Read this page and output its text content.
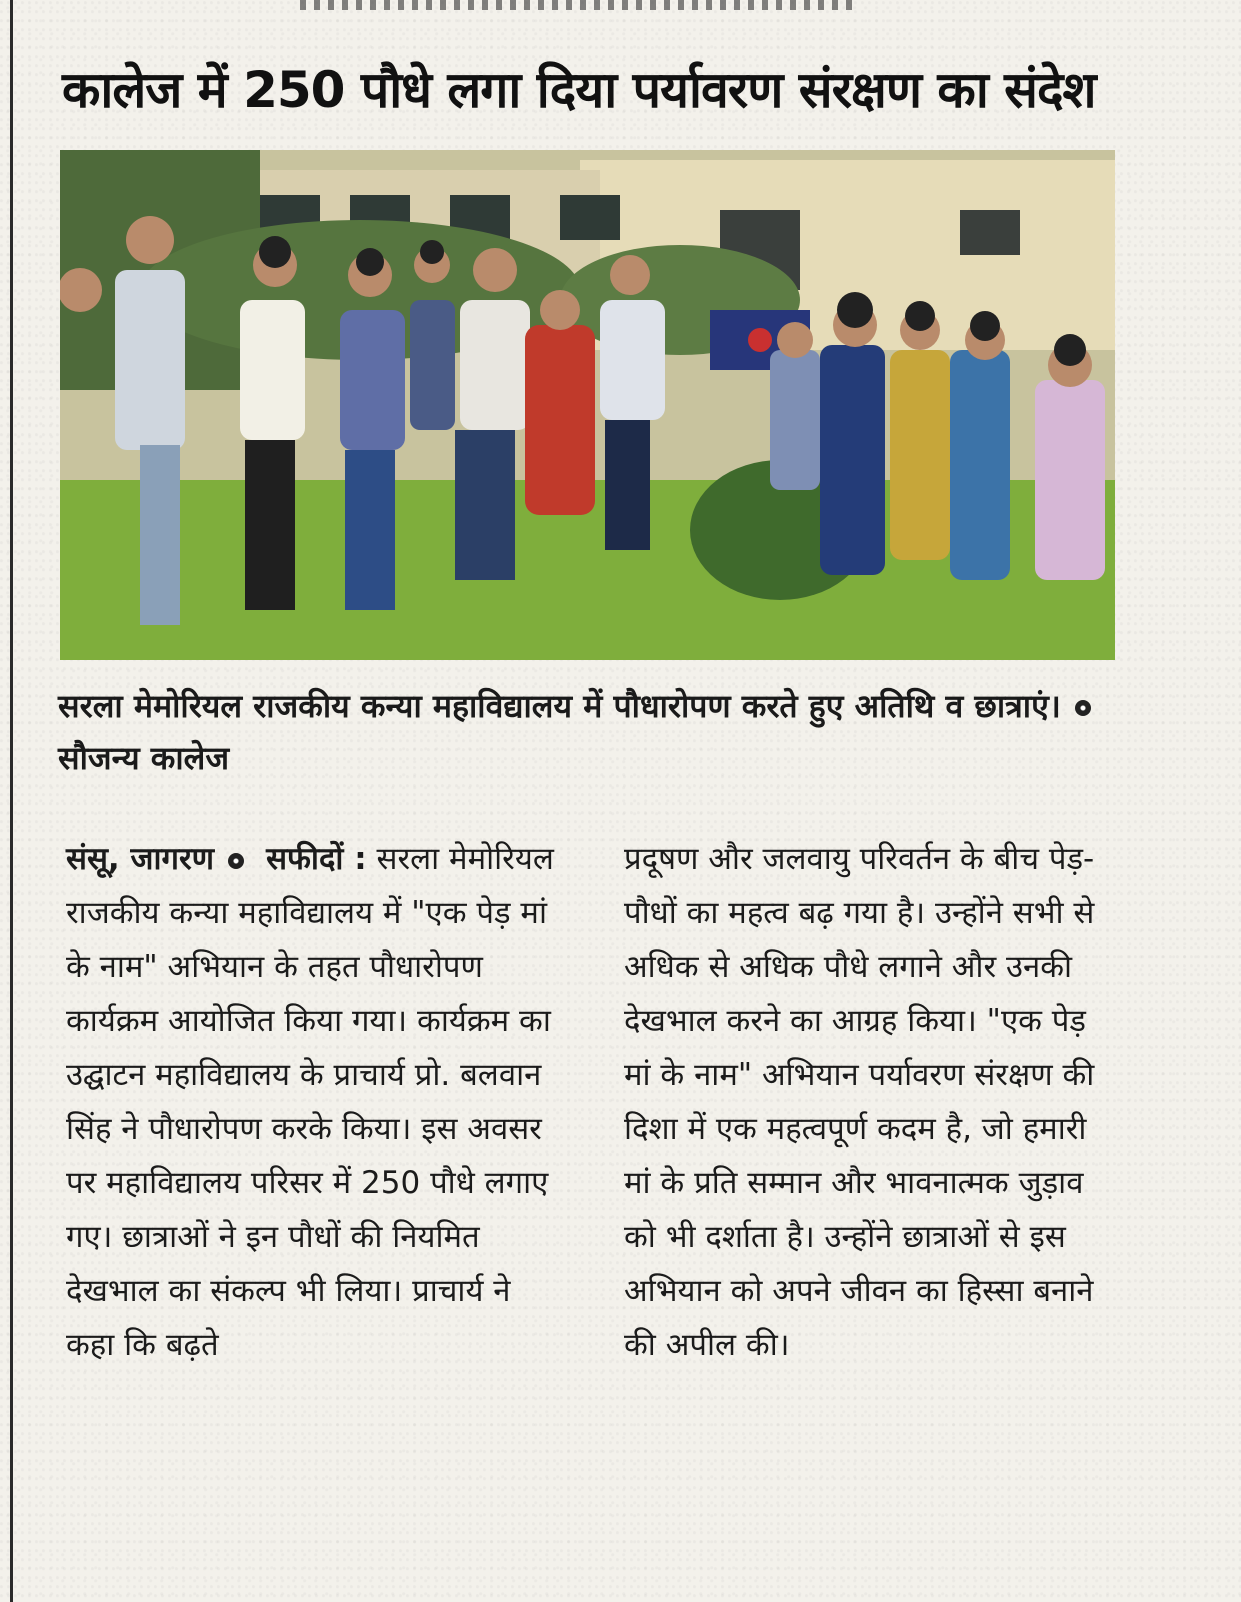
कालेज में 250 पौधे लगा दिया पर्यावरण संरक्षण का संदेश
सरला मेमोरियल राजकीय कन्या महाविद्यालय में पौधारोपण करते हुए अतिथि व छात्राएं।सौजन्य कालेज

संसू, जागरण सफीदों : सरला मेमोरियल राजकीय कन्या महाविद्यालय में "एक पेड़ मां के नाम" अभियान के तहत पौधारोपण कार्यक्रम आयोजित किया गया। कार्यक्रम का उद्घाटन महाविद्यालय के प्राचार्य प्रो. बलवान सिंह ने पौधारोपण करके किया। इस अवसर पर महाविद्यालय परिसर में 250 पौधे लगाए गए। छात्राओं ने इन पौधों की नियमित देखभाल का संकल्प भी लिया। प्राचार्य ने कहा कि बढ़ते

प्रदूषण और जलवायु परिवर्तन के बीच पेड़-पौधों का महत्व बढ़ गया है। उन्होंने सभी से अधिक से अधिक पौधे लगाने और उनकी देखभाल करने का आग्रह किया। "एक पेड़ मां के नाम" अभियान पर्यावरण संरक्षण की दिशा में एक महत्वपूर्ण कदम है, जो हमारी मां के प्रति सम्मान और भावनात्मक जुड़ाव को भी दर्शाता है। उन्होंने छात्राओं से इस अभियान को अपने जीवन का हिस्सा बनाने की अपील की।
